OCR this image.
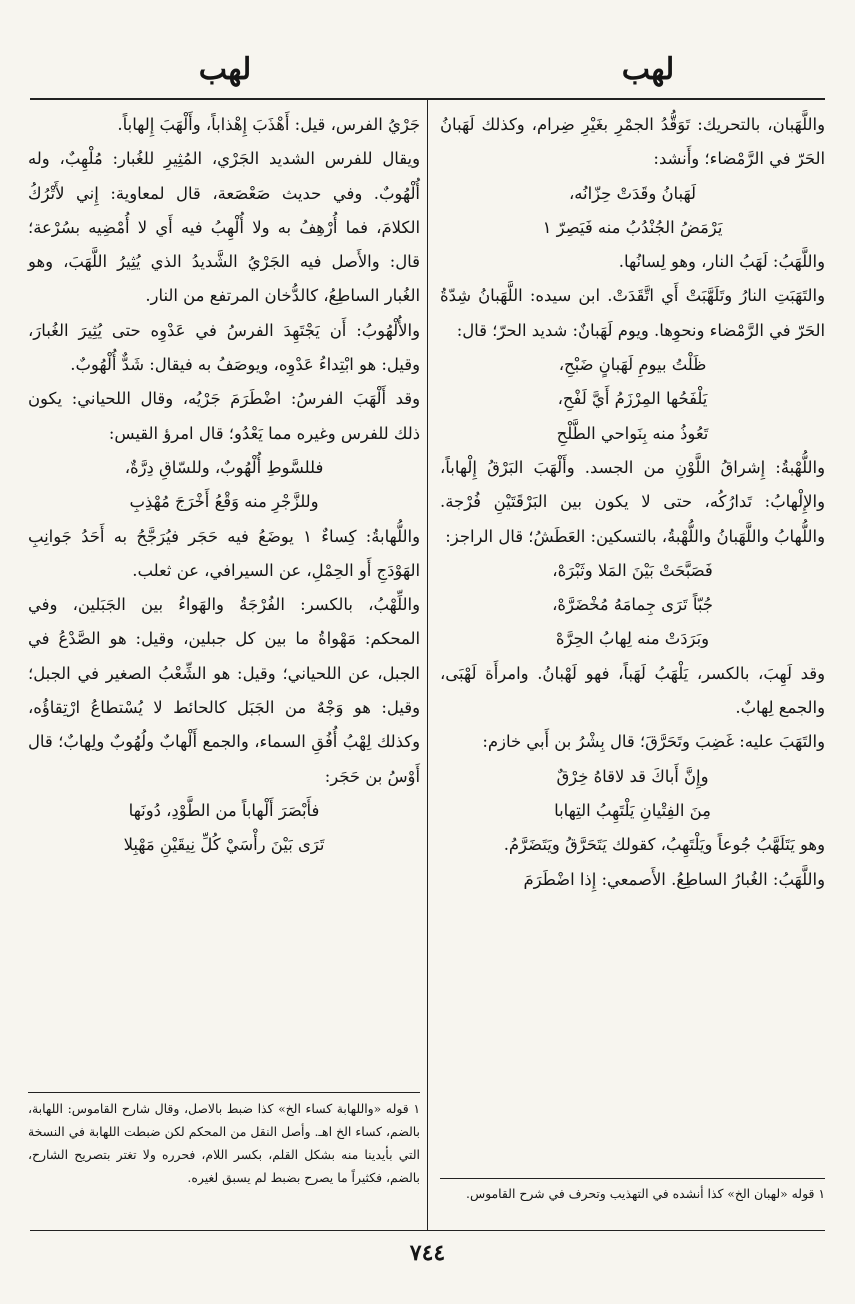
لهب
لهب

واللَّهَبان، بالتحريك: تَوَقُّدُ الجمْرِ بغَيْرِ ضِرام، وكذلك لَهَبانُ الحَرّ في الرَّمْضاء؛ وأَنشد:

لَهَبانُ وقَدَتْ حِزّانُه،
يَرْمَضُ الجُنْدُبُ منه فَيَصِرّ ١

واللَّهَبُ: لَهَبُ النار، وهو لِسانُها.

والتَهَبَتِ النارُ وتَلَهَّبَتْ أَي اتَّقَدَتْ. ابن سيده: اللَّهَبانُ شِدّةُ الحَرّ في الرَّمْضاء ونحوِها. ويوم لَهَبانٌ: شديد الحرّ؛ قال:

ظَلْتُ بيومِ لَهَبانٍ ضَبْحِ،
يَلْفَحُها المِرْزَمُ أَيَّ لَفْحِ،
تَعُوذُ منه بِنَواحي الطَّلْحِ

واللُّهْبةُ: إِشراقُ اللَّوْنِ من الجسد. وأَلْهَبَ البَرْقُ إِلْهاباً، والإِلْهابُ: تَدارُكُه، حتى لا يكون بين البَرْقَتَيْنِ فُرْجة. واللُّهابُ واللَّهَبانُ واللُّهْبةُ، بالتسكين: العَطَشُ؛ قال الراجز:

فَصَبَّحَتْ بَيْنَ المَلا وثَبْرَهْ،
جُبّاً تَرَى جِمامَهُ مُخْضَرَّهْ،
وبَرَدَتْ منه لِهابُ الحِرَّهْ

وقد لَهِبَ، بالكسر، يَلْهَبُ لَهَباً، فهو لَهْبانُ. وامرأَة لَهْبَى، والجمع لِهابٌ.

والتَهَبَ عليه: غَضِبَ وتَحَرَّقَ؛ قال بِشْرُ بن أَبي خازم:

وإِنَّ أَباكَ قد لاقاهُ خِرْقٌ
مِنَ الفِتْيانِ يَلْتَهِبُ التِهابا

وهو يَتَلَهَّبُ جُوعاً ويَلْتَهِبُ، كقولك يَتَحَرَّقُ ويَتَضَرَّمُ.

واللَّهَبُ: الغُبارُ الساطِعُ. الأَصمعي: إِذا اضْطَرَمَ

جَرْيُ الفرس، قيل: أَهْذَبَ إِهْذاباً، وأَلْهَبَ إِلهاباً.

ويقال للفرس الشديد الجَرْي، المُثِيرِ للغُبار: مُلْهِبٌ، وله أُلْهُوبٌ. وفي حديث صَعْصَعة، قال لمعاوية: إِني لأَتْرُكُ الكلامَ، فما أُرْهِفُ به ولا أُلْهِبُ فيه أَي لا أُمْضِيه بسُرْعة؛ قال: والأَصل فيه الجَرْيُ الشَّديدُ الذي يُثِيرُ اللَّهَبَ، وهو الغُبار الساطِعُ، كالدُّخان المرتفع من النار.

والأُلْهُوبُ: أَن يَجْتَهِدَ الفرسُ في عَدْوِه حتى يُثِيرَ الغُبارَ، وقيل: هو ابْتِداءُ عَدْوِه، ويوصَفُ به فيقال: شَدٌّ أُلْهُوبٌ.

وقد أَلْهَبَ الفرسُ: اضْطَرَمَ جَرْيُه، وقال اللحياني: يكون ذلك للفرس وغيره مما يَعْدُو؛ قال امرؤ القيس:

فللسَّوطِ أُلْهُوبٌ، وللسّاقِ دِرَّةٌ،
وللزَّجْرِ منه وَقْعُ أَخْرَجَ مُهْذِبِ

واللُّهابةُ: كِساءٌ ١ يوضَعُ فيه حَجَر فيُرَجَّحُ به أَحَدُ جَوانِبِ الهَوْدَجِ أَو الحِمْلِ، عن السيرافي، عن ثعلب.

واللِّهْبُ، بالكسر: الفُرْجَةُ والهَواءُ بين الجَبَلين، وفي المحكم: مَهْواةُ ما بين كل جبلين، وقيل: هو الصَّدْعُ في الجبل، عن اللحياني؛ وقيل: هو الشِّعْبُ الصغير في الجبل؛ وقيل: هو وَجْهٌ من الجَبَل كالحائط لا يُسْتطاعُ ارْتِقاؤُه، وكذلك لِهْبُ أُفُقِ السماء، والجمع أَلْهابٌ ولُهُوبٌ ولِهابٌ؛ قال أَوْسُ بن حَجَر:

فأَبْصَرَ أَلْهاباً من الطَّوْدِ، دُونَها
تَرَى بَيْنَ رأْسَيْ كُلِّ نِيقَيْنِ مَهْبِلا
١ قوله «لهبان الخ» كذا أنشده في التهذيب وتحرف في شرح القاموس.
١ قوله «واللهابة كساء الخ» كذا ضبط بالاصل، وقال شارح القاموس: اللهابة، بالضم، كساء الخ اهـ. وأصل النقل من المحكم لكن ضبطت اللهابة في النسخة التي بأيدينا منه بشكل القلم، بكسر اللام، فحرره ولا تغتر بتصريح الشارح، بالضم، فكثيراً ما يصرح بضبط لم يسبق لغيره.
٧٤٤
